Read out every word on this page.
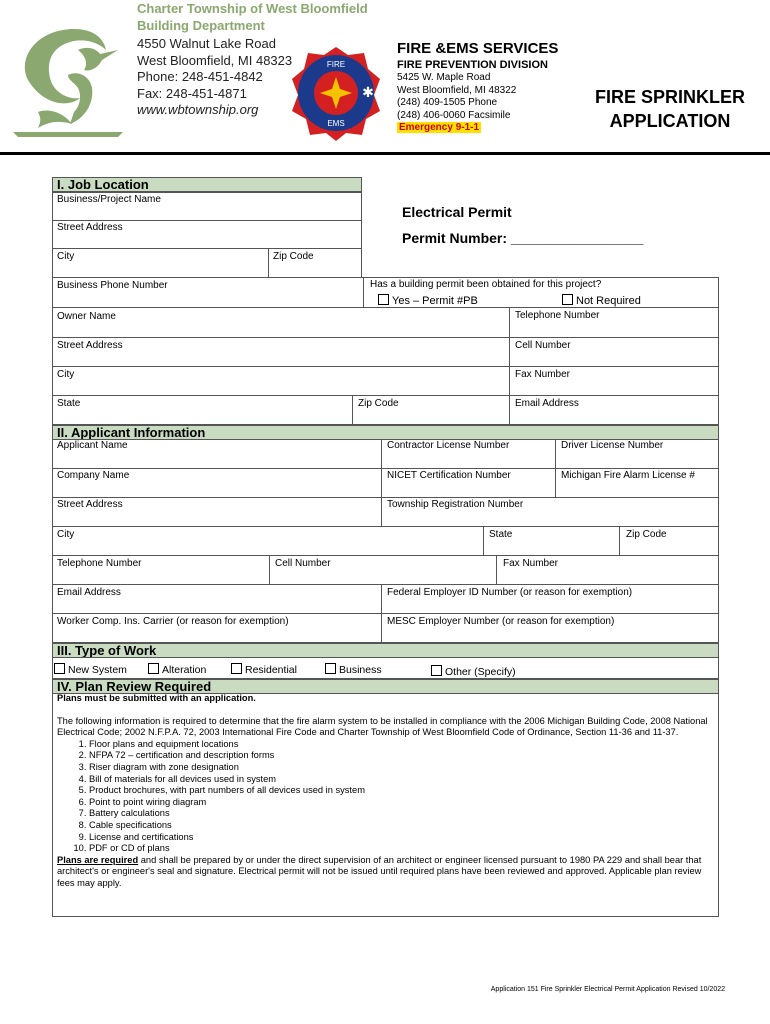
Charter Township of West Bloomfield
Building Department
4550 Walnut Lake Road
West Bloomfield, MI 48323
Phone: 248-451-4842
Fax: 248-451-4871
www.wbtownship.org
FIRE
EMS
✱
FIRE &EMS SERVICES
FIRE PREVENTION DIVISION
5425 W. Maple Road
West Bloomfield, MI 48322
(248) 409-1505 Phone
(248) 406-0060 Facsimile
Emergency 9-1-1
FIRE SPRINKLER
APPLICATION
I. Job Location
Business/Project Name
Street Address
City	Zip Code
Electrical Permit
Permit Number: _________________
Business Phone Number	Has a building permit been obtained for this project?
Yes – Permit #PB	Not Required
Owner Name	Telephone Number
Street Address	Cell Number
City	Fax Number
State	Zip Code	Email Address
II. Applicant Information
Applicant Name	Contractor License Number	Driver License Number
Company Name	NICET Certification Number	Michigan Fire Alarm License #
Street Address	Township Registration Number
City	State	Zip Code
Telephone Number	Cell Number	Fax Number
Email Address	Federal Employer ID Number (or reason for exemption)
Worker Comp. Ins. Carrier (or reason for exemption)	MESC Employer Number (or reason for exemption)
III. Type of Work
New System	Alteration	Residential	Business	Other (Specify)
IV. Plan Review Required

Plans must be submitted with an application.

The following information is required to determine that the fire alarm system to be installed in compliance with the 2006 Michigan Building Code, 2008 National Electrical Code; 2002 N.F.P.A. 72, 2003 International Fire Code and Charter Township of West Bloomfield Code of Ordinance, Section 11-36 and 11-37.

1. Floor plans and equipment locations
2. NFPA 72 – certification and description forms
3. Riser diagram with zone designation
4. Bill of materials for all devices used in system
5. Product brochures, with part numbers of all devices used in system
6. Point to point wiring diagram
7. Battery calculations
8. Cable specifications
9. License and certifications
10. PDF or CD of plans

Plans are required and shall be prepared by or under the direct supervision of an architect or engineer licensed pursuant to 1980 PA 229 and shall bear that architect's or engineer's seal and signature. Electrical permit will not be issued until required plans have been reviewed and approved. Applicable plan review fees may apply.

Application 151 Fire Sprinkler Electrical Permit Application Revised 10/2022
